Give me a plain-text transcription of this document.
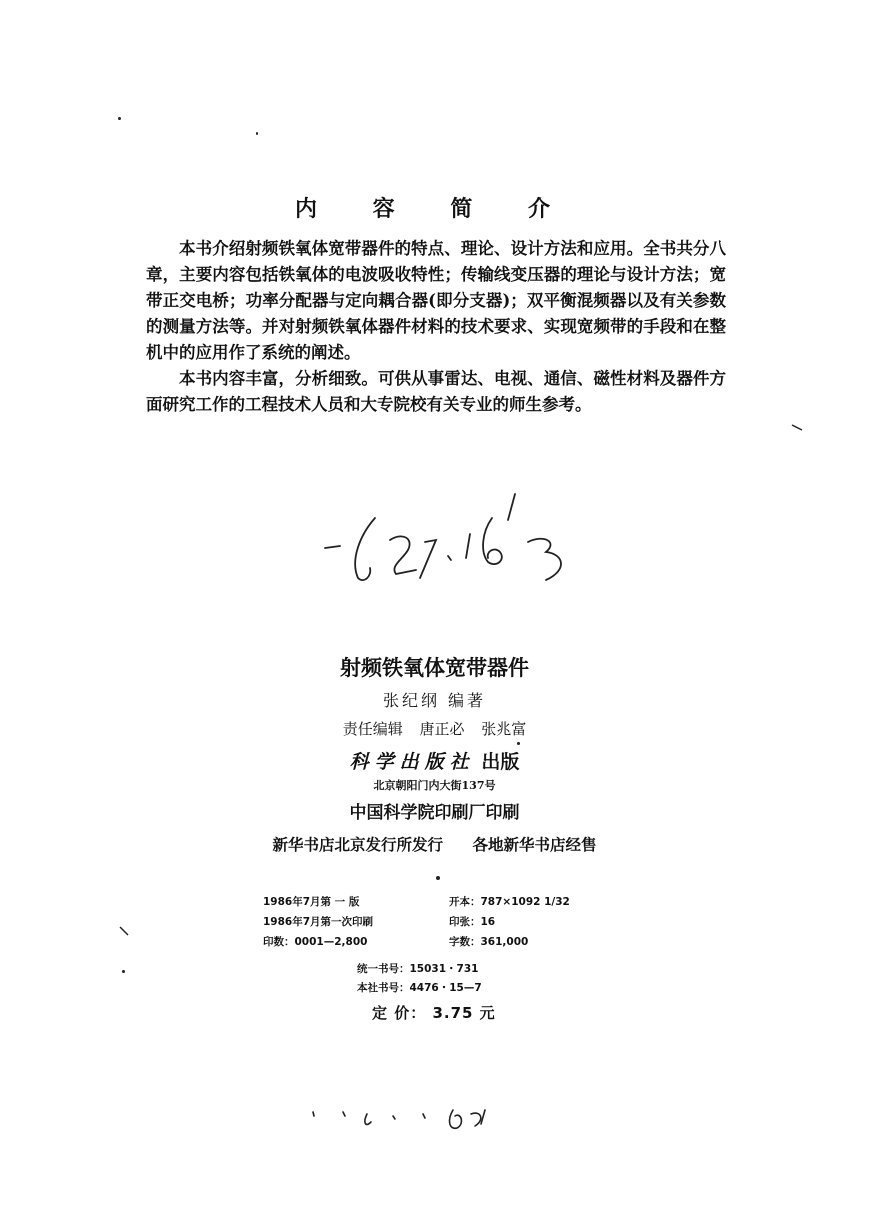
内 容 简 介

本书介绍射频铁氧体宽带器件的特点、理论、设计方法和应用。全书共分八章，主要内容包括铁氧体的电波吸收特性；传输线变压器的理论与设计方法；宽带正交电桥；功率分配器与定向耦合器(即分支器)；双平衡混频器以及有关参数的测量方法等。并对射频铁氧体器件材料的技术要求、实现宽频带的手段和在整机中的应用作了系统的阐述。

本书内容丰富，分析细致。可供从事雷达、电视、通信、磁性材料及器件方面研究工作的工程技术人员和大专院校有关专业的师生参考。

射频铁氧体宽带器件
张纪纲 编著
责任编辑 唐正必 张兆富
科学出版社 出版
北京朝阳门内大街137号
中国科学院印刷厂印刷
新华书店北京发行所发行 各地新华书店经售
1986年7月第 一 版	开本：787×1092 1/32
1986年7月第一次印刷	印张：16
印数：0001—2,800	字数：361,000
统一书号：15031・731
本社书号：4476・15—7
定 价： 3.75 元
